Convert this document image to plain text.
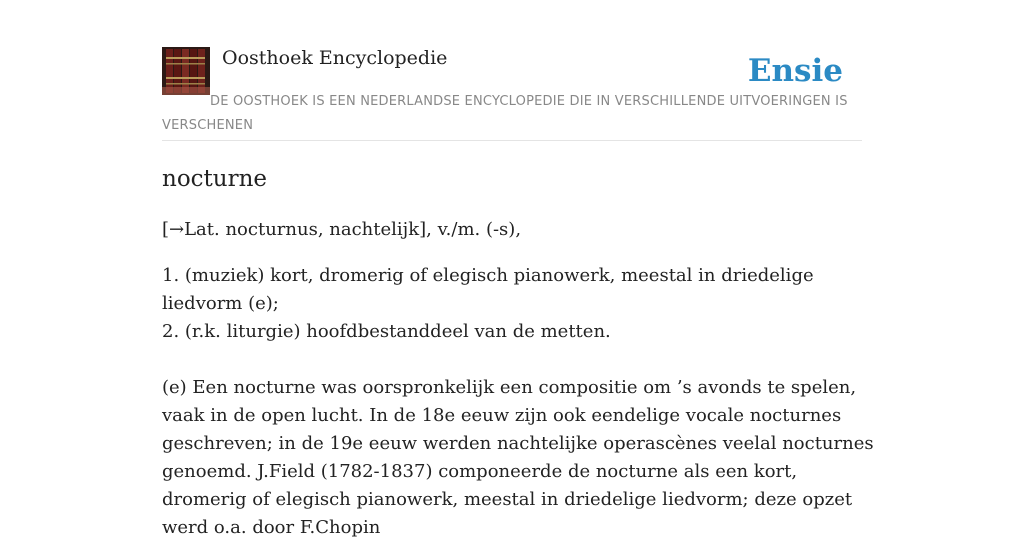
Oosthoek Encyclopedie	Ensie
DE OOSTHOEK IS EEN NEDERLANDSE ENCYCLOPEDIE DIE IN VERSCHILLENDE UITVOERINGEN IS VERSCHENEN
nocturne

[→Lat. nocturnus, nachtelijk], v./m. (-s),

1. (muziek) kort, dromerig of elegisch pianowerk, meestal in driedelige liedvorm (e);
2. (r.k. liturgie) hoofdbestanddeel van de metten.

(e) Een nocturne was oorspronkelijk een compositie om ’s avonds te spelen, vaak in de open lucht. In de 18e eeuw zijn ook eendelige vocale nocturnes geschreven; in de 19e eeuw werden nachtelijke operascènes veelal nocturnes genoemd. J.Field (1782-1837) componeerde de nocturne als een kort, dromerig of elegisch pianowerk, meestal in driedelige liedvorm; deze opzet werd o.a. door F.Chopin
